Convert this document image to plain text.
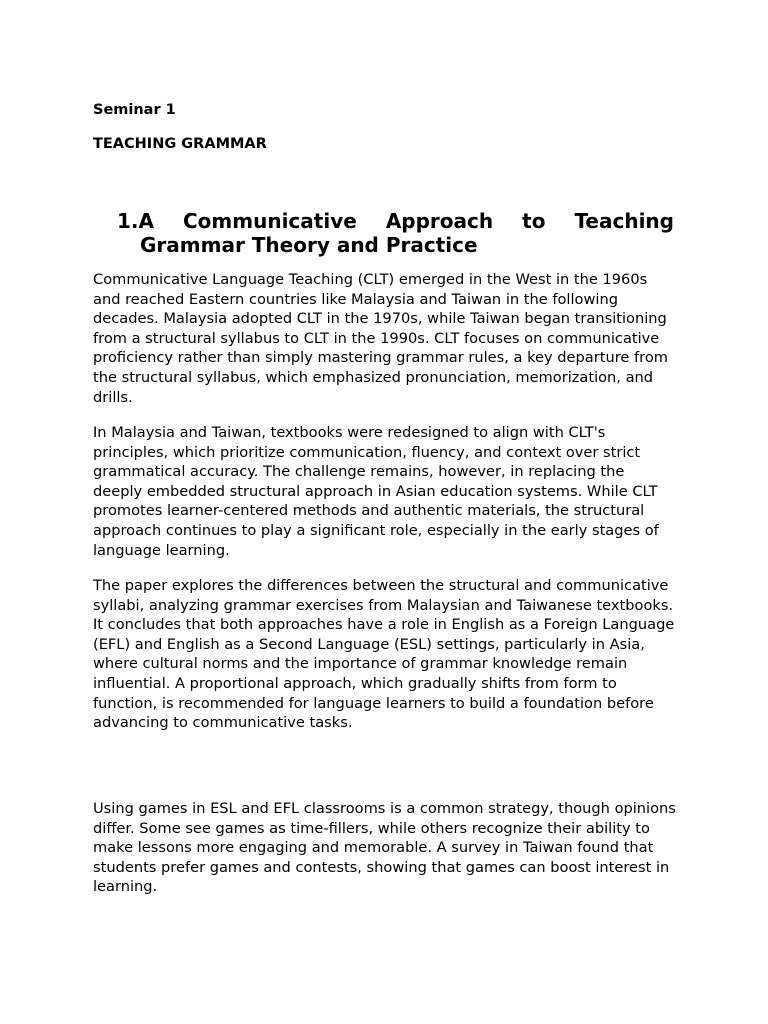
Seminar 1

TEACHING GRAMMAR

1.A Communicative Approach to Teaching
Grammar Theory and Practice

Communicative Language Teaching (CLT) emerged in the West in the 1960s and reached Eastern countries like Malaysia and Taiwan in the following decades. Malaysia adopted CLT in the 1970s, while Taiwan began transitioning from a structural syllabus to CLT in the 1990s. CLT focuses on communicative proficiency rather than simply mastering grammar rules, a key departure from the structural syllabus, which emphasized pronunciation, memorization, and drills.

In Malaysia and Taiwan, textbooks were redesigned to align with CLT's principles, which prioritize communication, fluency, and context over strict grammatical accuracy. The challenge remains, however, in replacing the deeply embedded structural approach in Asian education systems. While CLT promotes learner-centered methods and authentic materials, the structural approach continues to play a significant role, especially in the early stages of language learning.

The paper explores the differences between the structural and communicative syllabi, analyzing grammar exercises from Malaysian and Taiwanese textbooks. It concludes that both approaches have a role in English as a Foreign Language (EFL) and English as a Second Language (ESL) settings, particularly in Asia, where cultural norms and the importance of grammar knowledge remain influential. A proportional approach, which gradually shifts from form to function, is recommended for language learners to build a foundation before advancing to communicative tasks.

Using games in ESL and EFL classrooms is a common strategy, though opinions differ. Some see games as time-fillers, while others recognize their ability to make lessons more engaging and memorable. A survey in Taiwan found that students prefer games and contests, showing that games can boost interest in learning.
